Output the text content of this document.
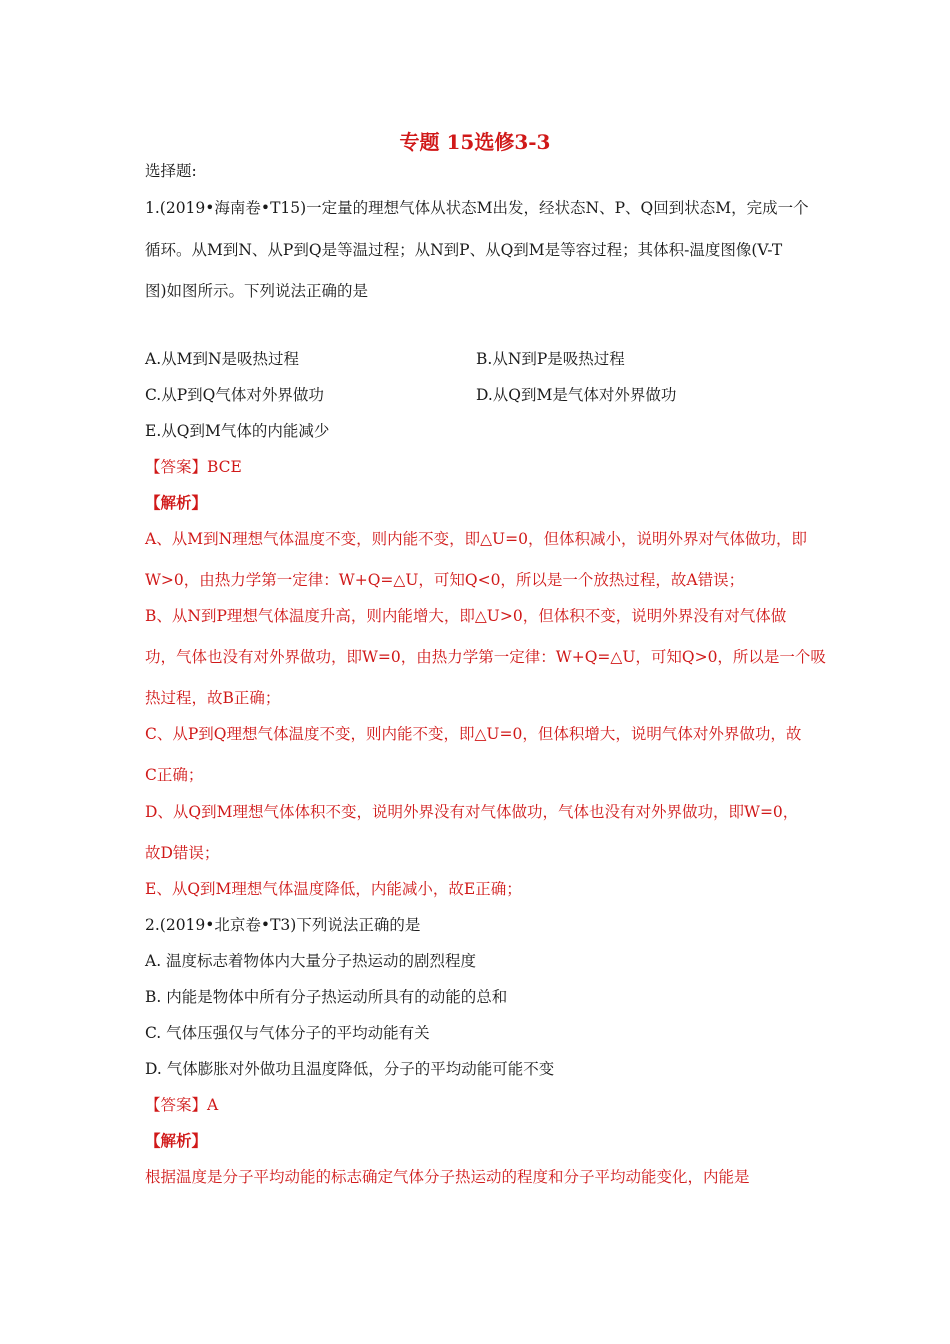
专题 15选修3-3
选择题:
1.(2019•海南卷•T15)一定量的理想气体从状态M出发，经状态N、P、Q回到状态M，完成一个
循环。从M到N、从P到Q是等温过程；从N到P、从Q到M是等容过程；其体积-温度图像(V-T
图)如图所示。下列说法正确的是
A.从M到N是吸热过程	B.从N到P是吸热过程
C.从P到Q气体对外界做功	D.从Q到M是气体对外界做功
E.从Q到M气体的内能减少
【答案】BCE
【解析】
A、从M到N理想气体温度不变，则内能不变，即△U=0，但体积减小，说明外界对气体做功，即
W>0，由热力学第一定律：W+Q=△U，可知Q<0，所以是一个放热过程，故A错误；
B、从N到P理想气体温度升高，则内能增大，即△U>0，但体积不变，说明外界没有对气体做
功，气体也没有对外界做功，即W=0，由热力学第一定律：W+Q=△U，可知Q>0，所以是一个吸
热过程，故B正确；
C、从P到Q理想气体温度不变，则内能不变，即△U=0，但体积增大，说明气体对外界做功，故
C正确；
D、从Q到M理想气体体积不变，说明外界没有对气体做功，气体也没有对外界做功，即W=0，
故D错误；
E、从Q到M理想气体温度降低，内能减小，故E正确；
2.(2019•北京卷•T3)下列说法正确的是
A. 温度标志着物体内大量分子热运动的剧烈程度
B. 内能是物体中所有分子热运动所具有的动能的总和
C. 气体压强仅与气体分子的平均动能有关
D. 气体膨胀对外做功且温度降低，分子的平均动能可能不变
【答案】A
【解析】
根据温度是分子平均动能的标志确定气体分子热运动的程度和分子平均动能变化，内能是
